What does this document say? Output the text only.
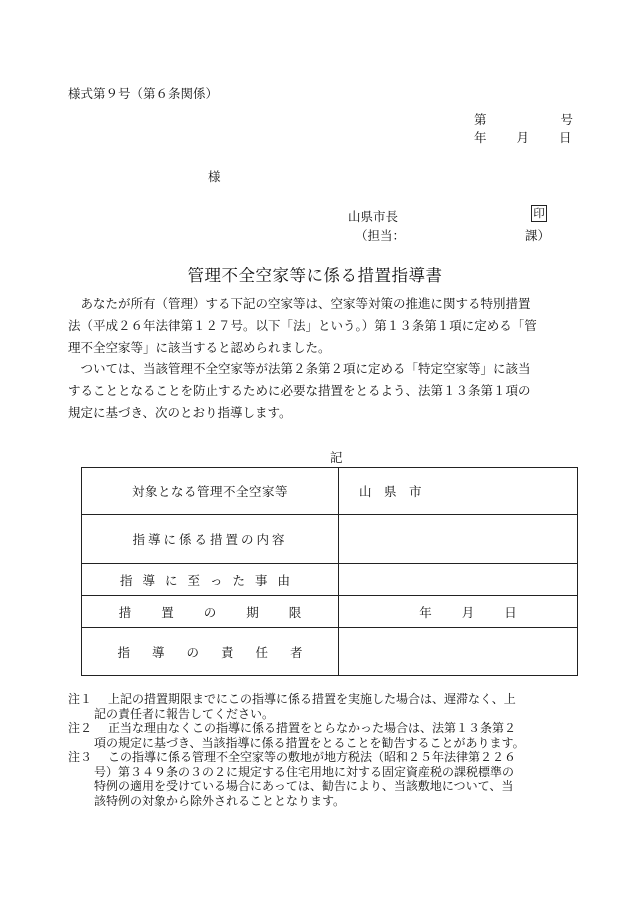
様式第９号（第６条関係）
第	号
年 月 日
様
山県市長	印
（担当：	課）
管理不全空家等に係る措置指導書
　あなたが所有（管理）する下記の空家等は、空家等対策の推進に関する特別措置
法（平成２６年法律第１２７号。以下「法」という。）第１３条第１項に定める「管
理不全空家等」に該当すると認められました。
　ついては、当該管理不全空家等が法第２条第２項に定める「特定空家等」に該当
することとなることを防止するために必要な措置をとるよう、法第１３条第１項の
規定に基づき、次のとおり指導します。
記
対象となる管理不全空家等	山　県　市
指導に係る措置の内容	
指導に至った事由	
措置の期限	年 月 日
指導の責任者	
注１	上記の措置期限までにこの指導に係る措置を実施した場合は、遅滞なく、上
記の責任者に報告してください。
注２	正当な理由なくこの指導に係る措置をとらなかった場合は、法第１３条第２
項の規定に基づき、当該指導に係る措置をとることを勧告することがあります。
注３	この指導に係る管理不全空家等の敷地が地方税法（昭和２５年法律第２２６
号）第３４９条の３の２に規定する住宅用地に対する固定資産税の課税標準の
特例の適用を受けている場合にあっては、勧告により、当該敷地について、当
該特例の対象から除外されることとなります。
